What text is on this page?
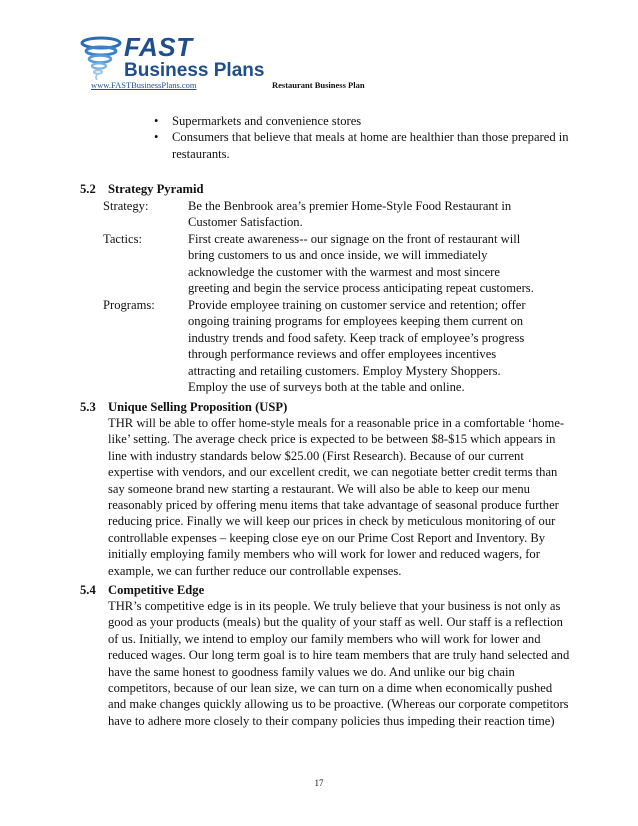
FAST
Business Plans
www.FASTBusinessPlans.com	Restaurant Business Plan
• Supermarkets and convenience stores
• Consumers that believe that meals at home are healthier than those prepared in restaurants.
5.2 Strategy Pyramid
Strategy:	Be the Benbrook area’s premier Home-Style Food Restaurant in Customer Satisfaction.
Tactics:	First create awareness-- our signage on the front of restaurant will bring customers to us and once inside, we will immediately acknowledge the customer with the warmest and most sincere greeting and begin the service process anticipating repeat customers.
Programs:	Provide employee training on customer service and retention; offer ongoing training programs for employees keeping them current on industry trends and food safety. Keep track of employee’s progress through performance reviews and offer employees incentives attracting and retailing customers. Employ Mystery Shoppers. Employ the use of surveys both at the table and online.
5.3 Unique Selling Proposition (USP)
THR will be able to offer home-style meals for a reasonable price in a comfortable ‘home-like’ setting. The average check price is expected to be between $8-$15 which appears in line with industry standards below $25.00 (First Research). Because of our current expertise with vendors, and our excellent credit, we can negotiate better credit terms than say someone brand new starting a restaurant. We will also be able to keep our menu reasonably priced by offering menu items that take advantage of seasonal produce further reducing price. Finally we will keep our prices in check by meticulous monitoring of our controllable expenses – keeping close eye on our Prime Cost Report and Inventory. By initially employing family members who will work for lower and reduced wagers, for example, we can further reduce our controllable expenses.
5.4 Competitive Edge
THR’s competitive edge is in its people. We truly believe that your business is not only as good as your products (meals) but the quality of your staff as well. Our staff is a reflection of us. Initially, we intend to employ our family members who will work for lower and reduced wages. Our long term goal is to hire team members that are truly hand selected and have the same honest to goodness family values we do. And unlike our big chain competitors, because of our lean size, we can turn on a dime when economically pushed and make changes quickly allowing us to be proactive. (Whereas our corporate competitors have to adhere more closely to their company policies thus impeding their reaction time)
17
